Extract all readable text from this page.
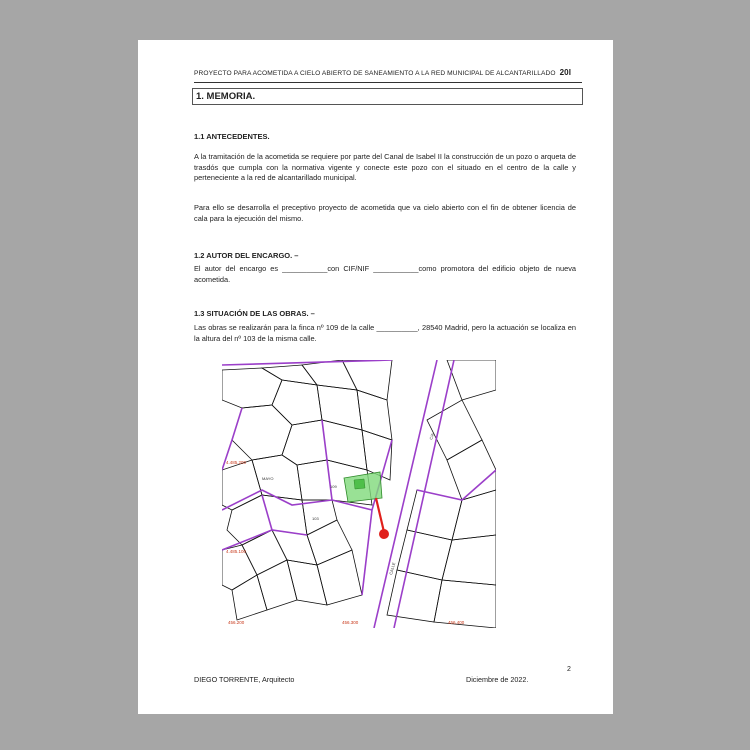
PROYECTO PARA ACOMETIDA A CIELO ABIERTO DE SANEAMIENTO A LA RED MUNICIPAL DE ALCANTARILLADO 20I
1. MEMORIA.
1.1 ANTECEDENTES.
A la tramitación de la acometida se requiere por parte del Canal de Isabel II la construcción de un pozo o arqueta de trasdós que cumpla con la normativa vigente y conecte este pozo con el situado en el centro de la calle y perteneciente a la red de alcantarillado municipal.
Para ello se desarrolla el preceptivo proyecto de acometida que va cielo abierto con el fin de obtener licencia de cala para la ejecución del mismo.
1.2 AUTOR DEL ENCARGO. –
El autor del encargo es ___________con CIF/NIF ___________como promotora del edificio objeto de nueva acometida.
1.3 SITUACIÓN DE LAS OBRAS. –
Las obras se realizarán para la finca nº 109 de la calle __________, 28540 Madrid, pero la actuación se localiza en la altura del nº 103 de la misma calle.
109
103
C/A
CALLE
MAYO
4.485.200
4.485.100
456.400
456.300
456.200
2
DIEGO TORRENTE, Arquitecto	Diciembre de 2022.
